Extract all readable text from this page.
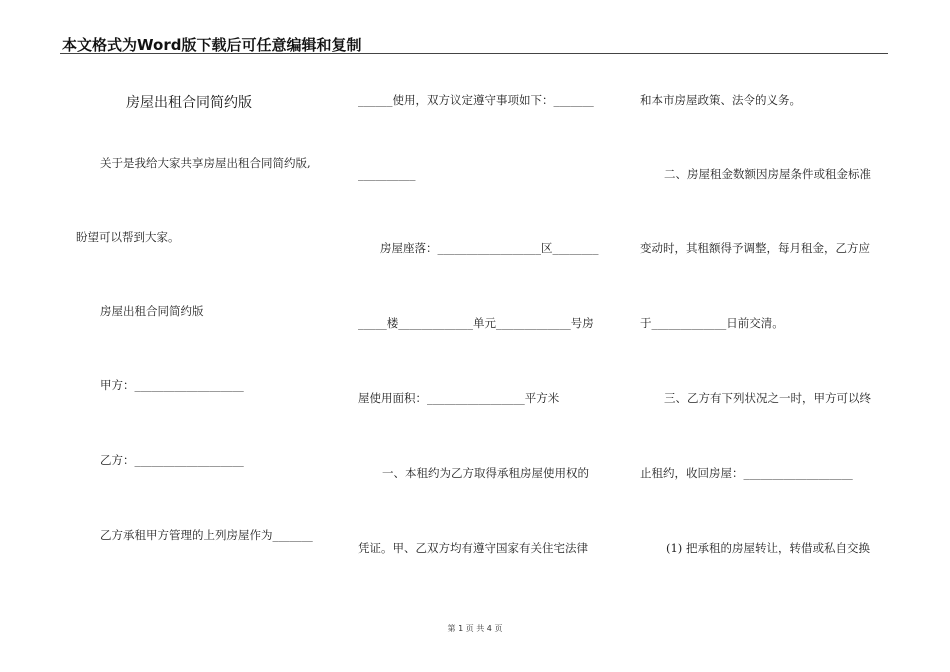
本文格式为Word版下载后可任意编辑和复制
房屋出租合同简约版
关于是我给大家共享房屋出租合同简约版,
盼望可以帮到大家。
房屋出租合同简约版
甲方：___________________
乙方：___________________
乙方承租甲方管理的上列房屋作为_______
______使用，双方议定遵守事项如下：_______
__________
房屋座落：__________________区________
_____楼_____________单元_____________号房
屋使用面积：_________________平方米
一、本租约为乙方取得承租房屋使用权的
凭证。甲、乙双方均有遵守国家有关住宅法律
和本市房屋政策、法令的义务。
二、房屋租金数额因房屋条件或租金标准
变动时，其租额得予调整，每月租金，乙方应
于_____________日前交清。
三、乙方有下列状况之一时，甲方可以终
止租约，收回房屋：___________________
(1) 把承租的房屋转让，转借或私自交换
第 1 页 共 4 页
